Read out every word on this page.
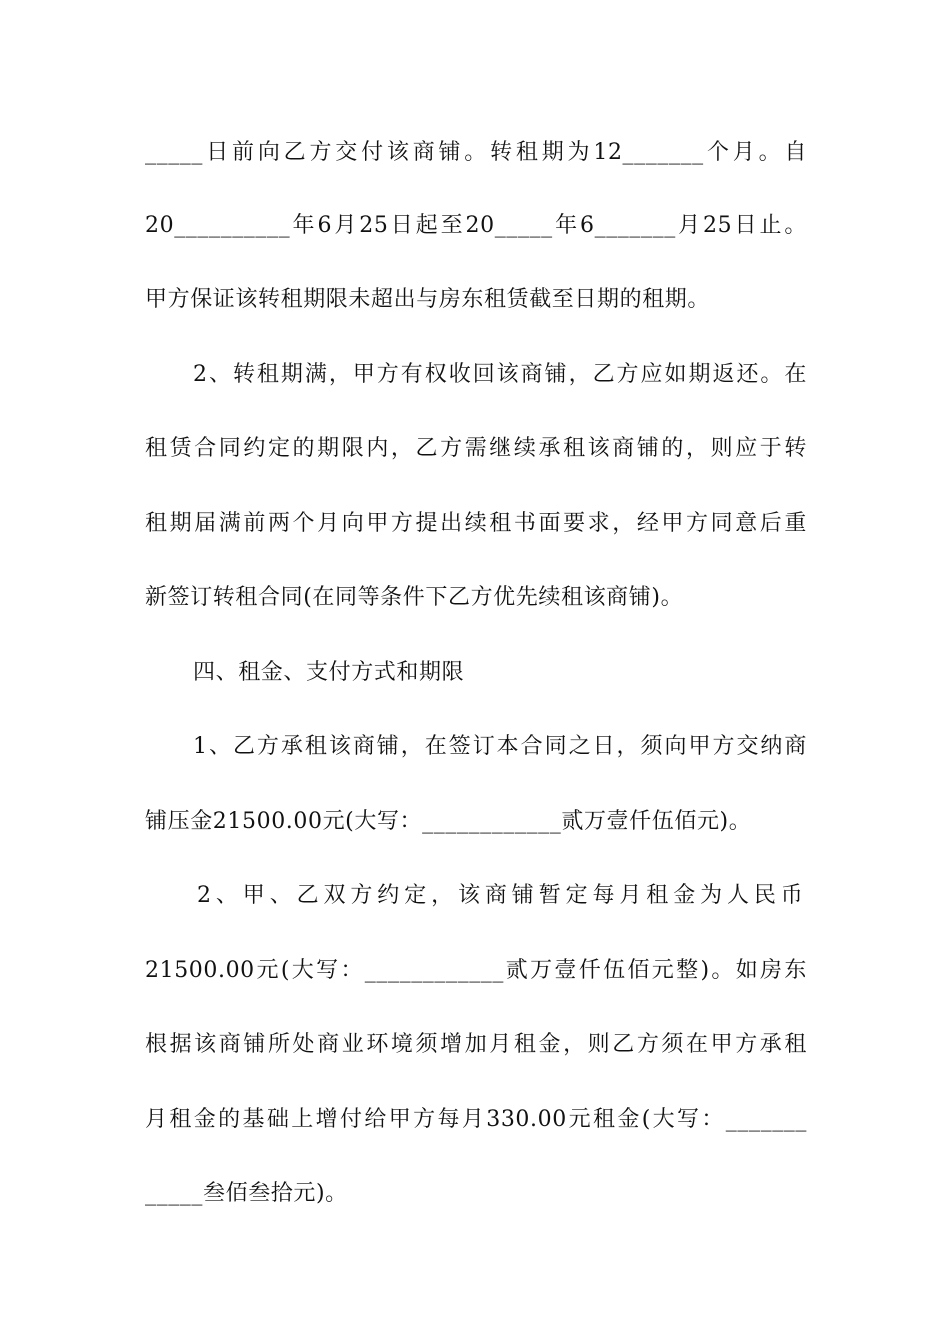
_____日前向乙方交付该商铺。转租期为12_______个月。自
20__________年6月25日起至20_____年6_______月25日止。
甲方保证该转租期限未超出与房东租赁截至日期的租期。
2、转租期满，甲方有权收回该商铺，乙方应如期返还。在
租赁合同约定的期限内，乙方需继续承租该商铺的，则应于转
租期届满前两个月向甲方提出续租书面要求，经甲方同意后重
新签订转租合同(在同等条件下乙方优先续租该商铺)。
四、租金、支付方式和期限
1、乙方承租该商铺，在签订本合同之日，须向甲方交纳商
铺压金21500.00元(大写：____________贰万壹仟伍佰元)。
2、甲、乙双方约定，该商铺暂定每月租金为人民币
21500.00元(大写：____________贰万壹仟伍佰元整)。如房东
根据该商铺所处商业环境须增加月租金，则乙方须在甲方承租
月租金的基础上增付给甲方每月330.00元租金(大写：_______
_____叁佰叁拾元)。
